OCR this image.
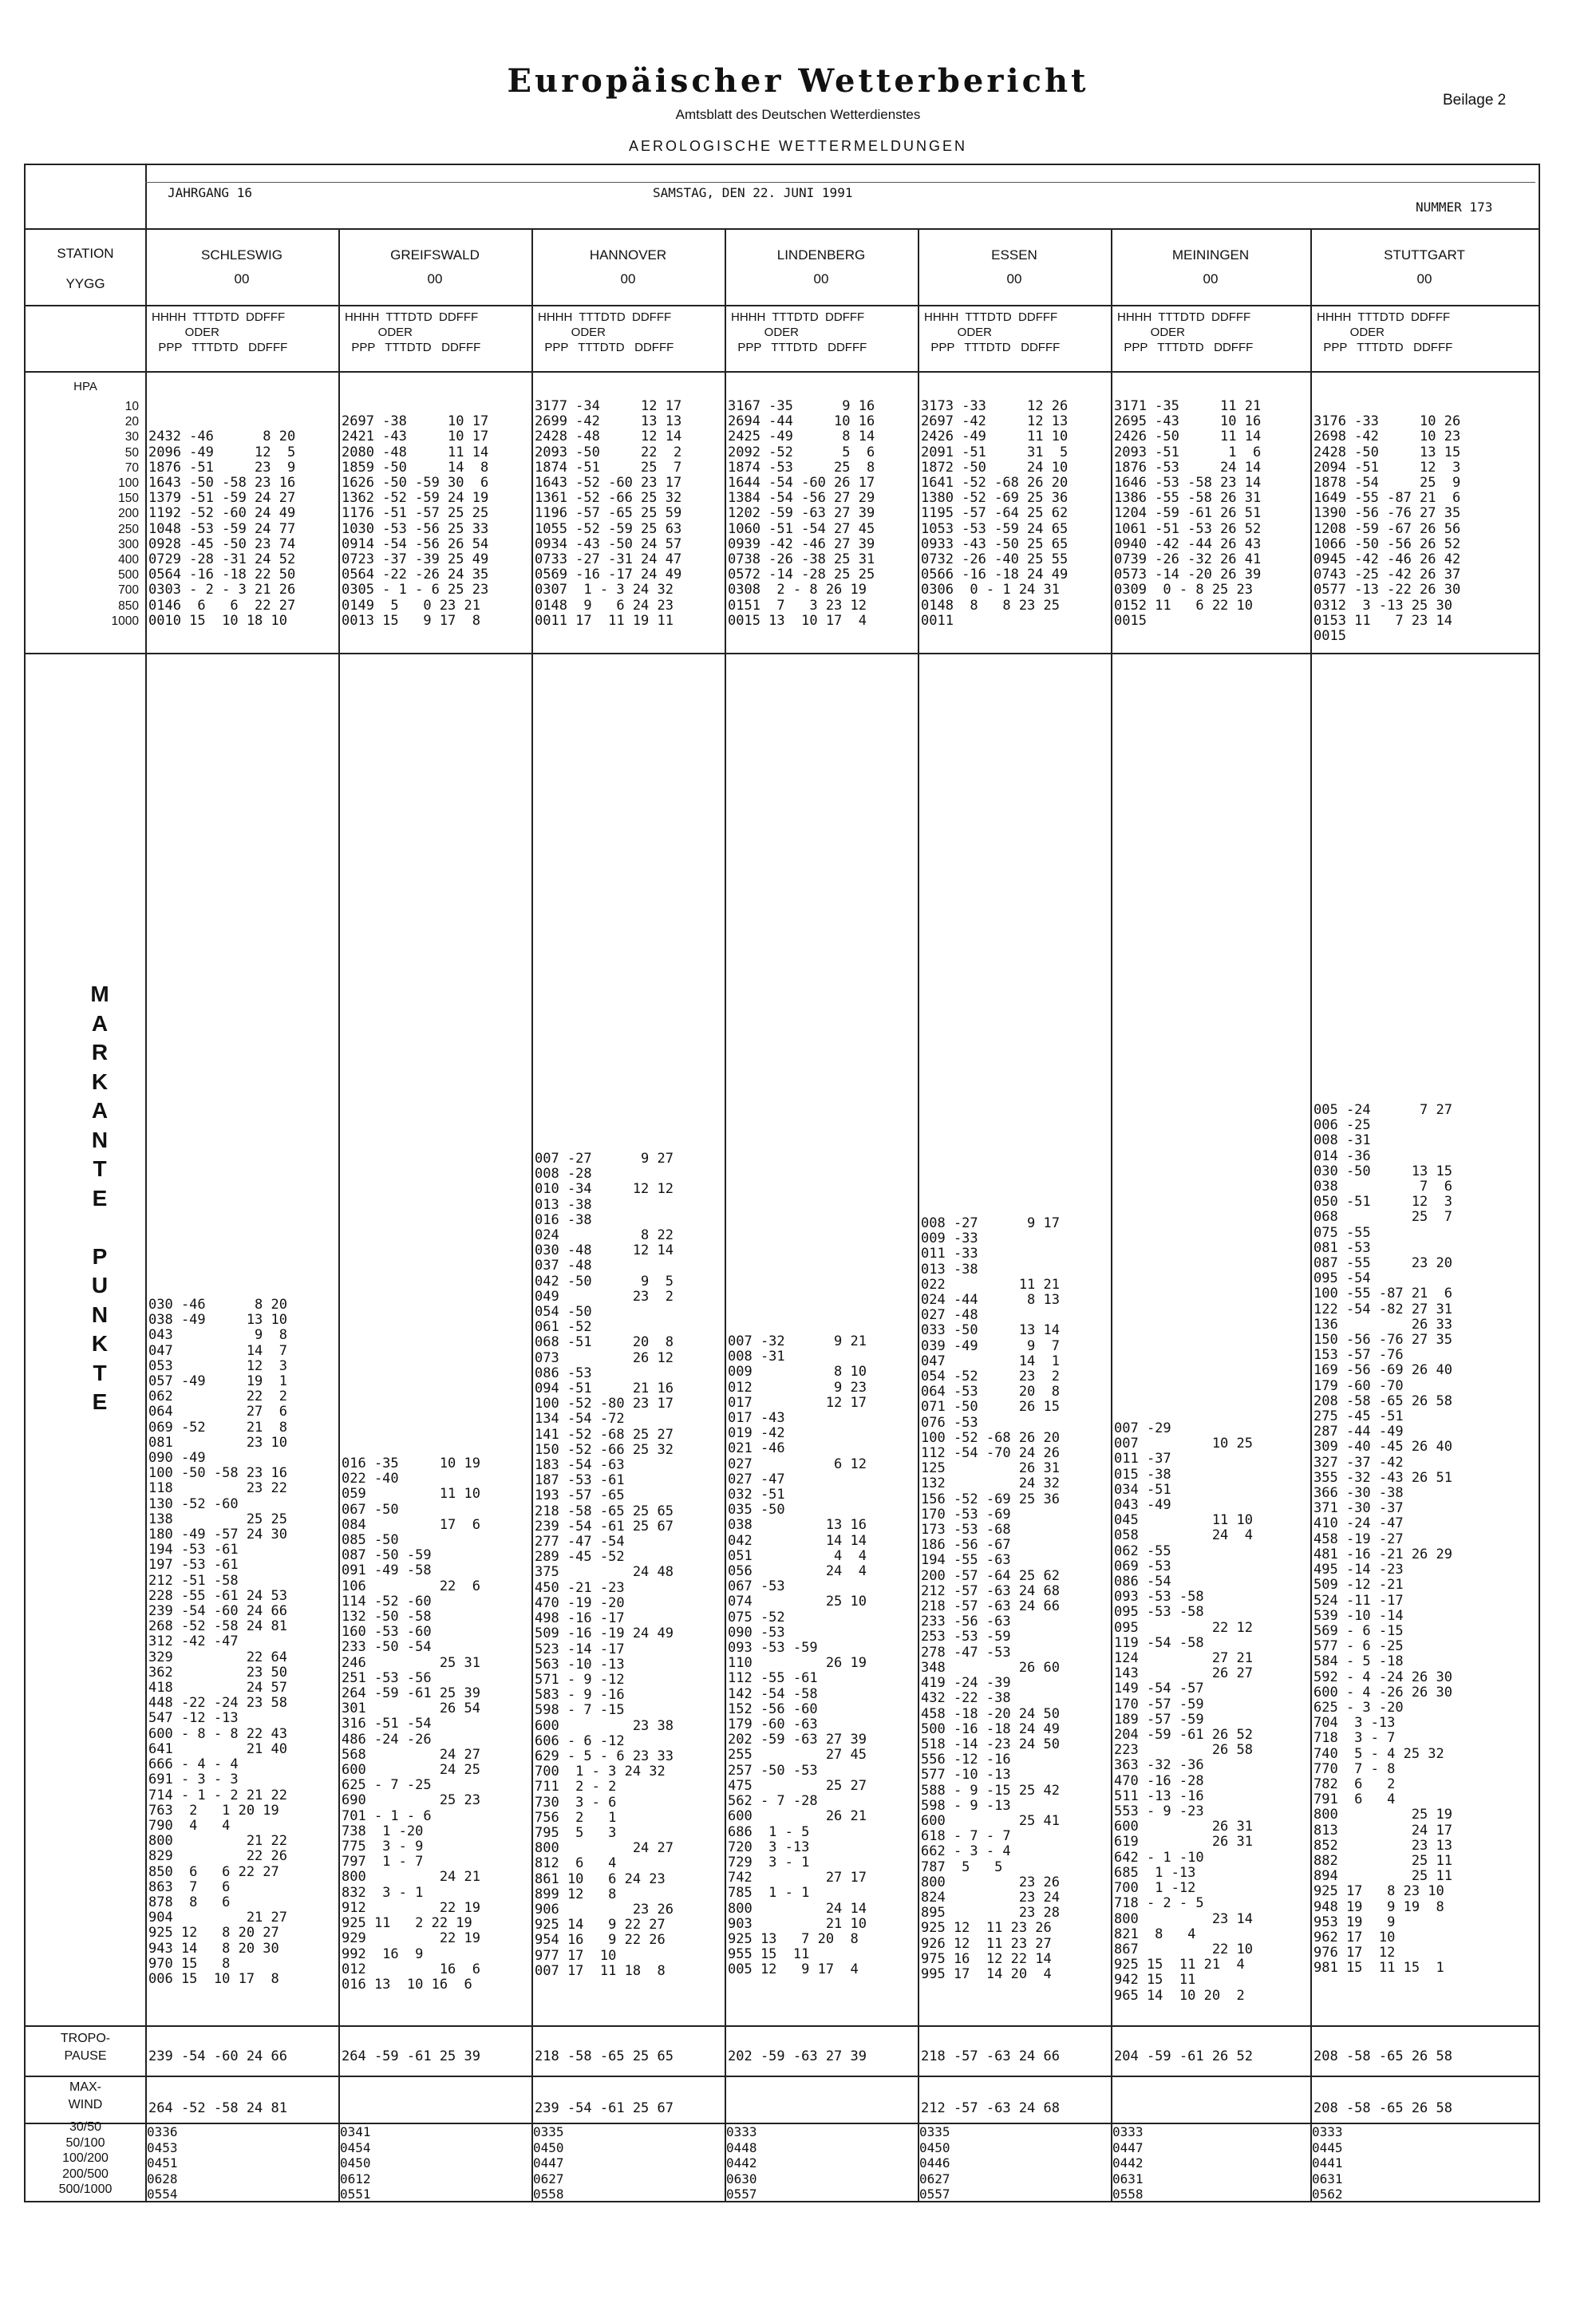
Europäischer Wetterbericht
Amtsblatt des Deutschen Wetterdienstes
AEROLOGISCHE WETTERMELDUNGEN
Beilage 2
JAHRGANG 16	SAMSTAG, DEN 22. JUNI 1991
NUMMER 173
STATION
YYGG
HPA
10
20
30
50
70
100
150
200
250
300
400
500
700
850
1000
M
A
R
K
A
N
T
E

P
U
N
K
T
E
TROPO-
PAUSE
MAX-
WIND
30/50
50/100
100/200
200/500
500/1000
SCHLESWIG
00
HHHH  TTTDTD  DDFFF
ODER
PPP   TTTDTD   DDFFF

2432 -46      8 20
2096 -49     12  5
1876 -51     23  9
1643 -50 -58 23 16
1379 -51 -59 24 27
1192 -52 -60 24 49
1048 -53 -59 24 77
0928 -45 -50 23 74
0729 -28 -31 24 52
0564 -16 -18 22 50
0303 - 2 - 3 21 26
0146  6   6  22 27
0010 15  10 18 10
030 -46      8 20
038 -49     13 10
043          9  8
047         14  7
053         12  3
057 -49     19  1
062         22  2
064         27  6
069 -52     21  8
081         23 10
090 -49
100 -50 -58 23 16
118         23 22
130 -52 -60
138         25 25
180 -49 -57 24 30
194 -53 -61
197 -53 -61
212 -51 -58
228 -55 -61 24 53
239 -54 -60 24 66
268 -52 -58 24 81
312 -42 -47
329         22 64
362         23 50
418         24 57
448 -22 -24 23 58
547 -12 -13
600 - 8 - 8 22 43
641         21 40
666 - 4 - 4
691 - 3 - 3
714 - 1 - 2 21 22
763  2   1 20 19
790  4   4
800         21 22
829         22 26
850  6   6 22 27
863  7   6
878  8   6
904         21 27
925 12   8 20 27
943 14   8 20 30
970 15   8
006 15  10 17  8
239 -54 -60 24 66
264 -52 -58 24 81
0336
0453
0451
0628
0554
GREIFSWALD
00
HHHH  TTTDTD  DDFFF
ODER
PPP   TTTDTD   DDFFF

2697 -38     10 17
2421 -43     10 17
2080 -48     11 14
1859 -50     14  8
1626 -50 -59 30  6
1362 -52 -59 24 19
1176 -51 -57 25 25
1030 -53 -56 25 33
0914 -54 -56 26 54
0723 -37 -39 25 49
0564 -22 -26 24 35
0305 - 1 - 6 25 23
0149  5   0 23 21
0013 15   9 17  8
016 -35     10 19
022 -40
059         11 10
067 -50
084         17  6
085 -50
087 -50 -59
091 -49 -58
106         22  6
114 -52 -60
132 -50 -58
160 -53 -60
233 -50 -54
246         25 31
251 -53 -56
264 -59 -61 25 39
301         26 54
316 -51 -54
486 -24 -26
568         24 27
600         24 25
625 - 7 -25
690         25 23
701 - 1 - 6
738  1 -20
775  3 - 9
797  1 - 7
800         24 21
832  3 - 1
912         22 19
925 11   2 22 19
929         22 19
992  16  9
012         16  6
016 13  10 16  6
264 -59 -61 25 39
0341
0454
0450
0612
0551
HANNOVER
00
HHHH  TTTDTD  DDFFF
ODER
PPP   TTTDTD   DDFFF
3177 -34     12 17
2699 -42     13 13
2428 -48     12 14
2093 -50     22  2
1874 -51     25  7
1643 -52 -60 23 17
1361 -52 -66 25 32
1196 -57 -65 25 59
1055 -52 -59 25 63
0934 -43 -50 24 57
0733 -27 -31 24 47
0569 -16 -17 24 49
0307  1 - 3 24 32
0148  9   6 24 23
0011 17  11 19 11
007 -27      9 27
008 -28
010 -34     12 12
013 -38
016 -38
024          8 22
030 -48     12 14
037 -48
042 -50      9  5
049         23  2
054 -50
061 -52
068 -51     20  8
073         26 12
086 -53
094 -51     21 16
100 -52 -80 23 17
134 -54 -72
141 -52 -68 25 27
150 -52 -66 25 32
183 -54 -63
187 -53 -61
193 -57 -65
218 -58 -65 25 65
239 -54 -61 25 67
277 -47 -54
289 -45 -52
375         24 48
450 -21 -23
470 -19 -20
498 -16 -17
509 -16 -19 24 49
523 -14 -17
563 -10 -13
571 - 9 -12
583 - 9 -16
598 - 7 -15
600         23 38
606 - 6 -12
629 - 5 - 6 23 33
700  1 - 3 24 32
711  2 - 2
730  3 - 6
756  2   1
795  5   3
800         24 27
812  6   4
861 10   6 24 23
899 12   8
906         23 26
925 14   9 22 27
954 16   9 22 26
977 17  10
007 17  11 18  8
218 -58 -65 25 65
239 -54 -61 25 67
0335
0450
0447
0627
0558
LINDENBERG
00
HHHH  TTTDTD  DDFFF
ODER
PPP   TTTDTD   DDFFF
3167 -35      9 16
2694 -44     10 16
2425 -49      8 14
2092 -52      5  6
1874 -53     25  8
1644 -54 -60 26 17
1384 -54 -56 27 29
1202 -59 -63 27 39
1060 -51 -54 27 45
0939 -42 -46 27 39
0738 -26 -38 25 31
0572 -14 -28 25 25
0308  2 - 8 26 19
0151  7   3 23 12
0015 13  10 17  4
007 -32      9 21
008 -31
009          8 10
012          9 23
017         12 17
017 -43
019 -42
021 -46
027          6 12
027 -47
032 -51
035 -50
038         13 16
042         14 14
051          4  4
056         24  4
067 -53
074         25 10
075 -52
090 -53
093 -53 -59
110         26 19
112 -55 -61
142 -54 -58
152 -56 -60
179 -60 -63
202 -59 -63 27 39
255         27 45
257 -50 -53
475         25 27
562 - 7 -28
600         26 21
686  1 - 5
720  3 -13
729  3 - 1
742         27 17
785  1 - 1
800         24 14
903         21 10
925 13   7 20  8
955 15  11
005 12   9 17  4
202 -59 -63 27 39
0333
0448
0442
0630
0557
ESSEN
00
HHHH  TTTDTD  DDFFF
ODER
PPP   TTTDTD   DDFFF
3173 -33     12 26
2697 -42     12 13
2426 -49     11 10
2091 -51     31  5
1872 -50     24 10
1641 -52 -68 26 20
1380 -52 -69 25 36
1195 -57 -64 25 62
1053 -53 -59 24 65
0933 -43 -50 25 65
0732 -26 -40 25 55
0566 -16 -18 24 49
0306  0 - 1 24 31
0148  8   8 23 25
0011
008 -27      9 17
009 -33
011 -33
013 -38
022         11 21
024 -44      8 13
027 -48
033 -50     13 14
039 -49      9  7
047         14  1
054 -52     23  2
064 -53     20  8
071 -50     26 15
076 -53
100 -52 -68 26 20
112 -54 -70 24 26
125         26 31
132         24 32
156 -52 -69 25 36
170 -53 -69
173 -53 -68
186 -56 -67
194 -55 -63
200 -57 -64 25 62
212 -57 -63 24 68
218 -57 -63 24 66
233 -56 -63
253 -53 -59
278 -47 -53
348         26 60
419 -24 -39
432 -22 -38
458 -18 -20 24 50
500 -16 -18 24 49
518 -14 -23 24 50
556 -12 -16
577 -10 -13
588 - 9 -15 25 42
598 - 9 -13
600         25 41
618 - 7 - 7
662 - 3 - 4
787  5   5
800         23 26
824         23 24
895         23 28
925 12  11 23 26
926 12  11 23 27
975 16  12 22 14
995 17  14 20  4
218 -57 -63 24 66
212 -57 -63 24 68
0335
0450
0446
0627
0557
MEININGEN
00
HHHH  TTTDTD  DDFFF
ODER
PPP   TTTDTD   DDFFF
3171 -35     11 21
2695 -43     10 16
2426 -50     11 14
2093 -51      1  6
1876 -53     24 14
1646 -53 -58 23 14
1386 -55 -58 26 31
1204 -59 -61 26 51
1061 -51 -53 26 52
0940 -42 -44 26 43
0739 -26 -32 26 41
0573 -14 -20 26 39
0309  0 - 8 25 23
0152 11   6 22 10
0015
007 -29
007         10 25
011 -37
015 -38
034 -51
043 -49
045         11 10
058         24  4
062 -55
069 -53
086 -54
093 -53 -58
095 -53 -58
095         22 12
119 -54 -58
124         27 21
143         26 27
149 -54 -57
170 -57 -59
189 -57 -59
204 -59 -61 26 52
223         26 58
363 -32 -36
470 -16 -28
511 -13 -16
553 - 9 -23
600         26 31
619         26 31
642 - 1 -10
685  1 -13
700  1 -12
718 - 2 - 5
800         23 14
821  8   4
867         22 10
925 15  11 21  4
942 15  11
965 14  10 20  2
204 -59 -61 26 52
0333
0447
0442
0631
0558
STUTTGART
00
HHHH  TTTDTD  DDFFF
ODER
PPP   TTTDTD   DDFFF

3176 -33     10 26
2698 -42     10 23
2428 -50     13 15
2094 -51     12  3
1878 -54     25  9
1649 -55 -87 21  6
1390 -56 -76 27 35
1208 -59 -67 26 56
1066 -50 -56 26 52
0945 -42 -46 26 42
0743 -25 -42 26 37
0577 -13 -22 26 30
0312  3 -13 25 30
0153 11   7 23 14
0015
005 -24      7 27
006 -25
008 -31
014 -36
030 -50     13 15
038          7  6
050 -51     12  3
068         25  7
075 -55
081 -53
087 -55     23 20
095 -54
100 -55 -87 21  6
122 -54 -82 27 31
136         26 33
150 -56 -76 27 35
153 -57 -76
169 -56 -69 26 40
179 -60 -70
208 -58 -65 26 58
275 -45 -51
287 -44 -49
309 -40 -45 26 40
327 -37 -42
355 -32 -43 26 51
366 -30 -38
371 -30 -37
410 -24 -47
458 -19 -27
481 -16 -21 26 29
495 -14 -23
509 -12 -21
524 -11 -17
539 -10 -14
569 - 6 -15
577 - 6 -25
584 - 5 -18
592 - 4 -24 26 30
600 - 4 -26 26 30
625 - 3 -20
704  3 -13
718  3 - 7
740  5 - 4 25 32
770  7 - 8
782  6   2
791  6   4
800         25 19
813         24 17
852         23 13
882         25 11
894         25 11
925 17   8 23 10
948 19   9 19  8
953 19   9
962 17  10
976 17  12
981 15  11 15  1
208 -58 -65 26 58
208 -58 -65 26 58
0333
0445
0441
0631
0562
